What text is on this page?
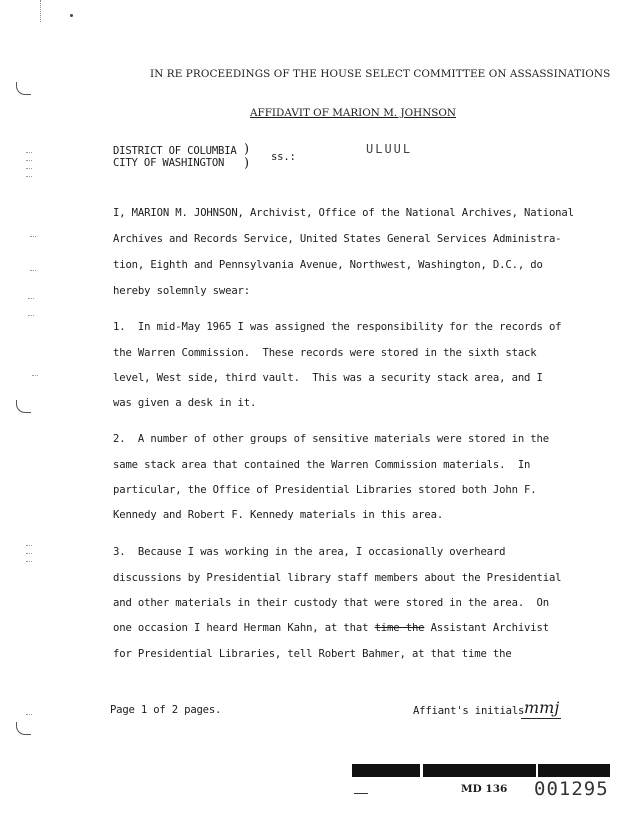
IN RE PROCEEDINGS OF THE HOUSE SELECT COMMITTEE ON ASSASSINATIONS
AFFIDAVIT OF MARION M. JOHNSON
DISTRICT OF COLUMBIA
CITY OF WASHINGTON
)
) ss.:
ULUUL
I, MARION M. JOHNSON, Archivist, Office of the National Archives, National
Archives and Records Service, United States General Services Administra-
tion, Eighth and Pennsylvania Avenue, Northwest, Washington, D.C., do
hereby solemnly swear:
1.  In mid-May 1965 I was assigned the responsibility for the records of
the Warren Commission.  These records were stored in the sixth stack
level, West side, third vault.  This was a security stack area, and I
was given a desk in it.
2.  A number of other groups of sensitive materials were stored in the
same stack area that contained the Warren Commission materials.  In
particular, the Office of Presidential Libraries stored both John F.
Kennedy and Robert F. Kennedy materials in this area.
3.  Because I was working in the area, I occasionally overheard
discussions by Presidential library staff members about the Presidential
and other materials in their custody that were stored in the area.  On
one occasion I heard Herman Kahn, at that time the Assistant Archivist
for Presidential Libraries, tell Robert Bahmer, at that time the
Page 1 of 2 pages.	Affiant's initials mmj
MD 136 001295
